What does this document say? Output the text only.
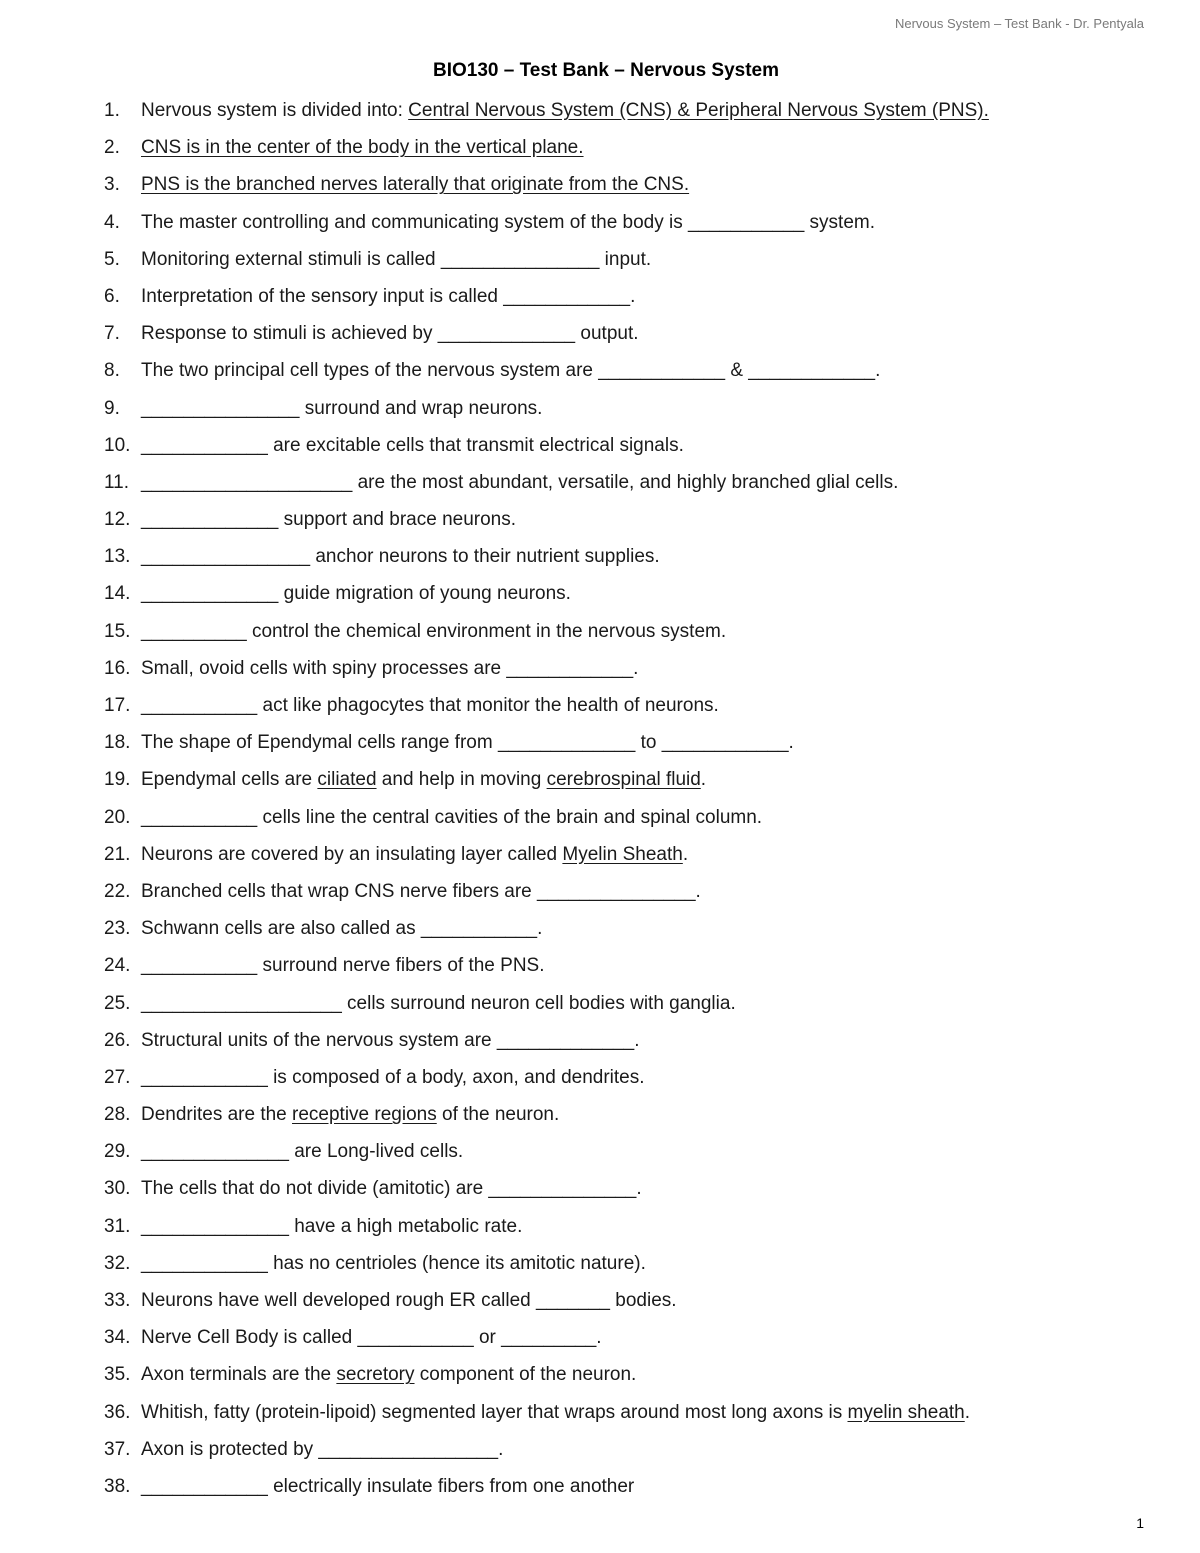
Nervous System – Test Bank - Dr. Pentyala
BIO130 – Test Bank – Nervous System
1. Nervous system is divided into: Central Nervous System (CNS) & Peripheral Nervous System (PNS).
2. CNS is in the center of the body in the vertical plane.
3. PNS is the branched nerves laterally that originate from the CNS.
4. The master controlling and communicating system of the body is ___________ system.
5. Monitoring external stimuli is called _______________ input.
6. Interpretation of the sensory input is called ____________.
7. Response to stimuli is achieved by _____________ output.
8. The two principal cell types of the nervous system are ____________ & ____________.
9. _______________ surround and wrap neurons.
10. ____________ are excitable cells that transmit electrical signals.
11. ____________________ are the most abundant, versatile, and highly branched glial cells.
12. _____________ support and brace neurons.
13. ________________ anchor neurons to their nutrient supplies.
14. _____________ guide migration of young neurons.
15. __________ control the chemical environment in the nervous system.
16. Small, ovoid cells with spiny processes are ____________.
17. ___________ act like phagocytes that monitor the health of neurons.
18. The shape of Ependymal cells range from _____________ to ____________.
19. Ependymal cells are ciliated and help in moving cerebrospinal fluid.
20. ___________ cells line the central cavities of the brain and spinal column.
21. Neurons are covered by an insulating layer called Myelin Sheath.
22. Branched cells that wrap CNS nerve fibers are _______________.
23. Schwann cells are also called as ___________.
24. ___________ surround nerve fibers of the PNS.
25. ___________________ cells surround neuron cell bodies with ganglia.
26. Structural units of the nervous system are _____________.
27. ____________ is composed of a body, axon, and dendrites.
28. Dendrites are the receptive regions of the neuron.
29. ______________ are Long-lived cells.
30. The cells that do not divide (amitotic) are ______________.
31. ______________ have a high metabolic rate.
32. ____________ has no centrioles (hence its amitotic nature).
33. Neurons have well developed rough ER called _______ bodies.
34. Nerve Cell Body is called ___________ or _________.
35. Axon terminals are the secretory component of the neuron.
36. Whitish, fatty (protein-lipoid) segmented layer that wraps around most long axons is myelin sheath.
37. Axon is protected by _________________.
38. ____________ electrically insulate fibers from one another
1
